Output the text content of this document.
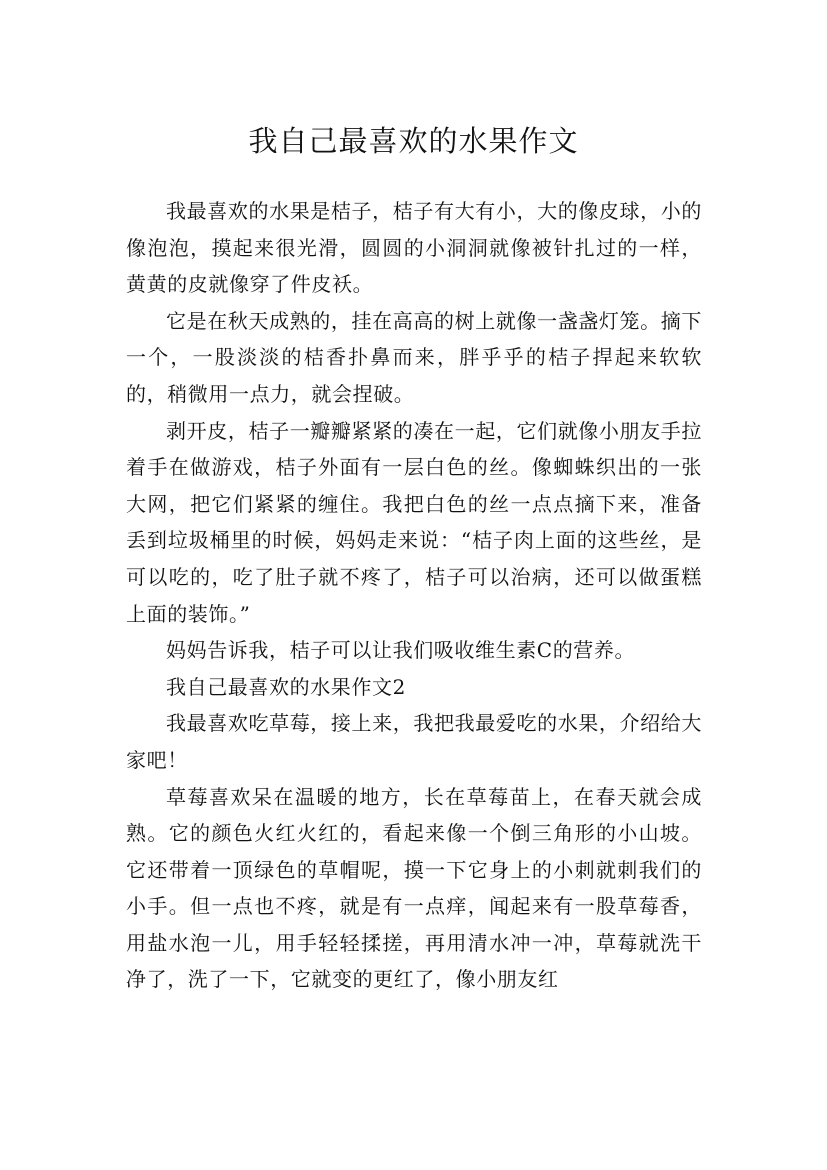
我自己最喜欢的水果作文

我最喜欢的水果是桔子，桔子有大有小，大的像皮球，小的像泡泡，摸起来很光滑，圆圆的小洞洞就像被针扎过的一样，黄黄的皮就像穿了件皮袄。

它是在秋天成熟的，挂在高高的树上就像一盏盏灯笼。摘下一个，一股淡淡的桔香扑鼻而来，胖乎乎的桔子捍起来软软的，稍微用一点力，就会捏破。

剥开皮，桔子一瓣瓣紧紧的凑在一起，它们就像小朋友手拉着手在做游戏，桔子外面有一层白色的丝。像蜘蛛织出的一张大网，把它们紧紧的缠住。我把白色的丝一点点摘下来，准备丢到垃圾桶里的时候，妈妈走来说：“桔子肉上面的这些丝，是可以吃的，吃了肚子就不疼了，桔子可以治病，还可以做蛋糕上面的装饰。”

妈妈告诉我，桔子可以让我们吸收维生素C的营养。

我自己最喜欢的水果作文2

我最喜欢吃草莓，接上来，我把我最爱吃的水果，介绍给大家吧！

草莓喜欢呆在温暖的地方，长在草莓苗上，在春天就会成熟。它的颜色火红火红的，看起来像一个倒三角形的小山坡。它还带着一顶绿色的草帽呢，摸一下它身上的小刺就刺我们的小手。但一点也不疼，就是有一点痒，闻起来有一股草莓香，用盐水泡一儿，用手轻轻揉搓，再用清水冲一冲，草莓就洗干净了，洗了一下，它就变的更红了，像小朋友红
